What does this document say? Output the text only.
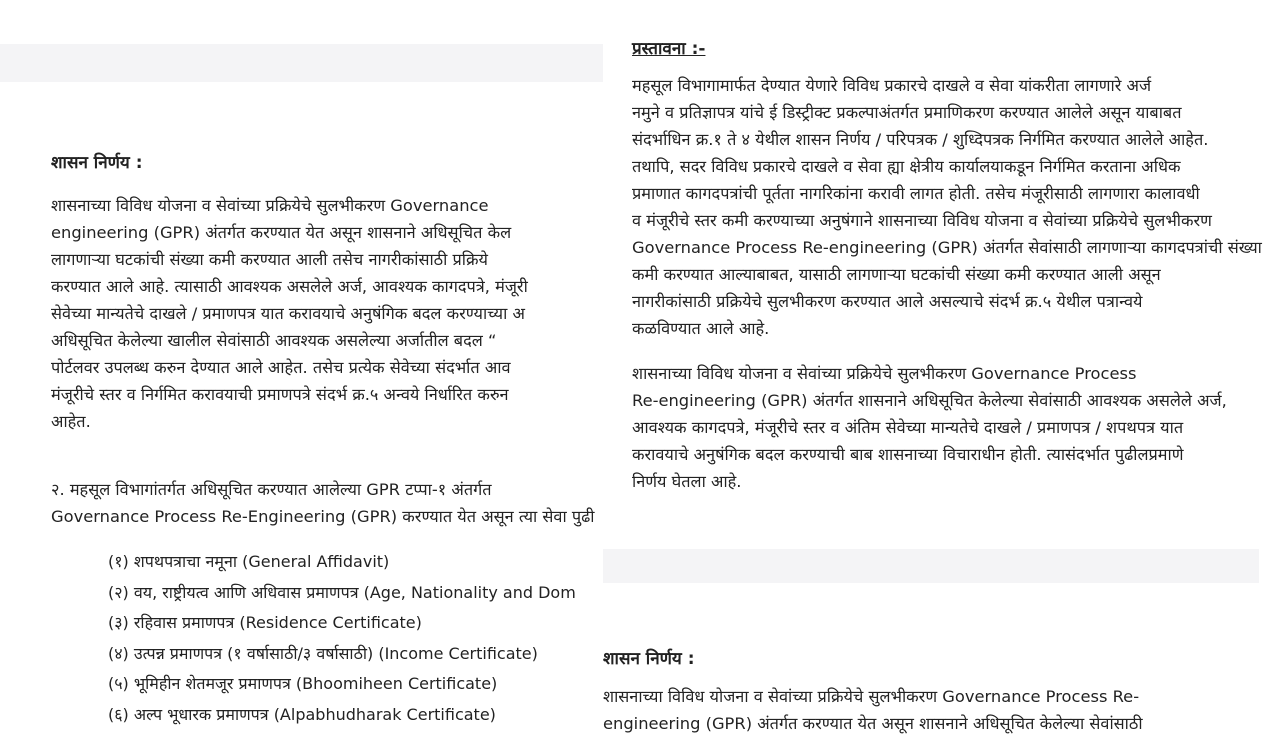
शासन निर्णय :

शासनाच्या विविध योजना व सेवांच्या प्रक्रियेचे सुलभीकरण Governance

engineering (GPR) अंतर्गत करण्यात येत असून शासनाने अधिसूचित केल

लागणाऱ्या घटकांची संख्या कमी करण्यात आली तसेच नागरीकांसाठी प्रक्रिये

करण्यात आले आहे. त्यासाठी आवश्यक असलेले अर्ज, आवश्यक कागदपत्रे, मंजूरी

सेवेच्या मान्यतेचे दाखले / प्रमाणपत्र यात करावयाचे अनुषंगिक बदल करण्याच्या अ

अधिसूचित केलेल्या खालील सेवांसाठी आवश्यक असलेल्या अर्जातील बदल “

पोर्टलवर उपलब्ध करुन देण्यात आले आहेत. तसेच प्रत्येक सेवेच्या संदर्भात आव

मंजूरीचे स्तर व निर्गमित करावयाची प्रमाणपत्रे संदर्भ क्र.५ अन्वये निर्धारित करुन

आहेत.

२. महसूल विभागांतर्गत अधिसूचित करण्यात आलेल्या GPR टप्पा-१ अंतर्गत

Governance Process Re-Engineering (GPR) करण्यात येत असून त्या सेवा पुढी

(१) शपथपत्राचा नमूना (General Affidavit)
(२) वय, राष्ट्रीयत्व आणि अधिवास प्रमाणपत्र (Age, Nationality and Dom
(३) रहिवास प्रमाणपत्र (Residence Certificate)
(४) उत्पन्न प्रमाणपत्र (१ वर्षासाठी/३ वर्षासाठी) (Income Certificate)
(५) भूमिहीन शेतमजूर प्रमाणपत्र (Bhoomiheen Certificate)
(६) अल्प भूधारक प्रमाणपत्र (Alpabhudharak Certificate)
प्रस्तावना :-

महसूल विभागामार्फत देण्यात येणारे विविध प्रकारचे दाखले व सेवा यांकरीता लागणारे अर्ज

नमुने व प्रतिज्ञापत्र यांचे ई डिस्ट्रीक्ट प्रकल्पाअंतर्गत प्रमाणिकरण करण्यात आलेले असून याबाबत

संदर्भाधिन क्र.१ ते ४ येथील शासन निर्णय / परिपत्रक / शुध्दिपत्रक निर्गमित करण्यात आलेले आहेत.

तथापि, सदर विविध प्रकारचे दाखले व सेवा ह्या क्षेत्रीय कार्यालयाकडून निर्गमित करताना अधिक

प्रमाणात कागदपत्रांची पूर्तता नागरिकांना करावी लागत होती. तसेच मंजूरीसाठी लागणारा कालावधी

व मंजूरीचे स्तर कमी करण्याच्या अनुषंगाने शासनाच्या विविध योजना व सेवांच्या प्रक्रियेचे सुलभीकरण

Governance Process Re-engineering (GPR) अंतर्गत सेवांसाठी लागणाऱ्या कागदपत्रांची संख्या

कमी करण्यात आल्याबाबत, यासाठी लागणाऱ्या घटकांची संख्या कमी करण्यात आली असून

नागरीकांसाठी प्रक्रियेचे सुलभीकरण करण्यात आले असल्याचे संदर्भ क्र.५ येथील पत्रान्वये

कळविण्यात आले आहे.

शासनाच्या विविध योजना व सेवांच्या प्रक्रियेचे सुलभीकरण Governance Process

Re-engineering (GPR) अंतर्गत शासनाने अधिसूचित केलेल्या सेवांसाठी आवश्यक असलेले अर्ज,

आवश्यक कागदपत्रे, मंजूरीचे स्तर व अंतिम सेवेच्या मान्यतेचे दाखले / प्रमाणपत्र / शपथपत्र यात

करावयाचे अनुषंगिक बदल करण्याची बाब शासनाच्या विचाराधीन होती. त्यासंदर्भात पुढीलप्रमाणे

निर्णय घेतला आहे.

शासन निर्णय :

शासनाच्या विविध योजना व सेवांच्या प्रक्रियेचे सुलभीकरण Governance Process Re-

engineering (GPR) अंतर्गत करण्यात येत असून शासनाने अधिसूचित केलेल्या सेवांसाठी
